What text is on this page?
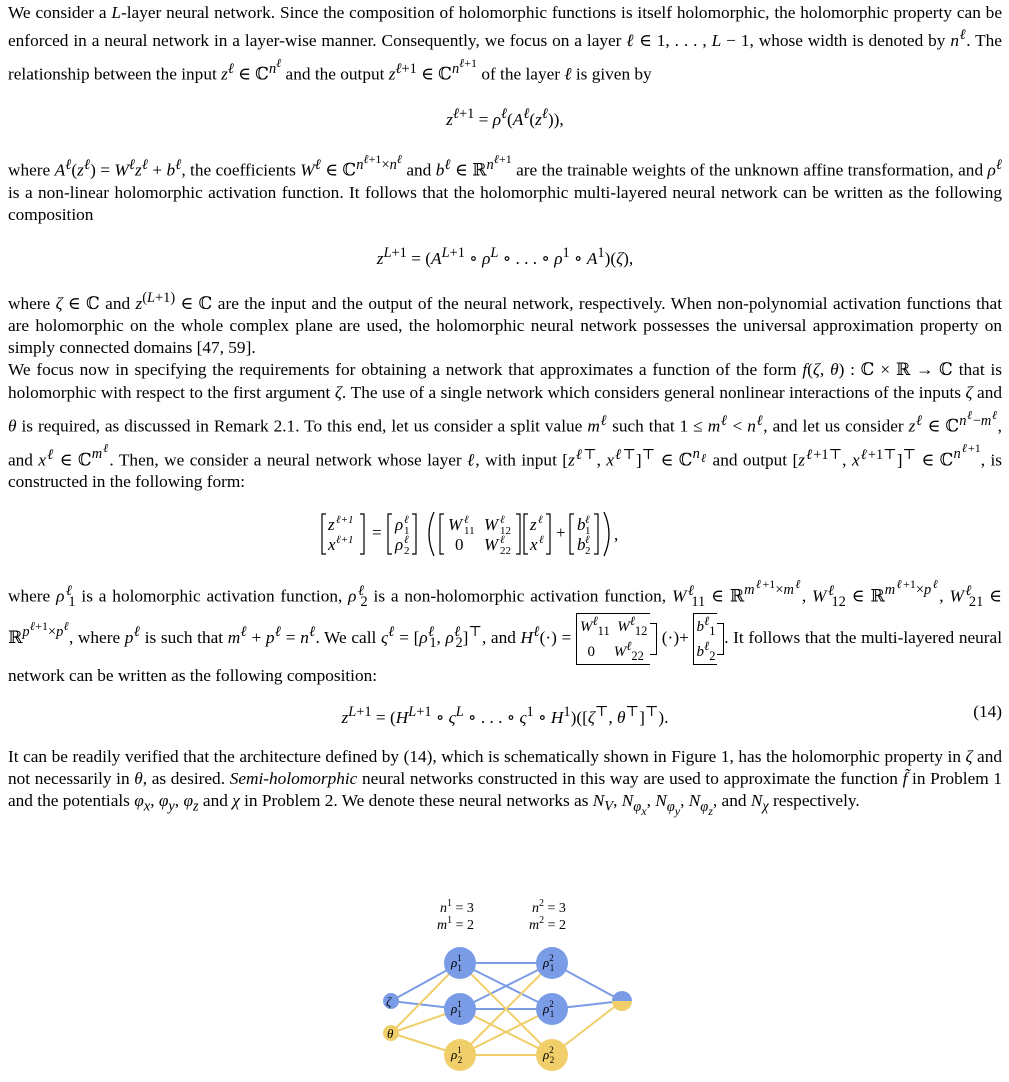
We consider a L-layer neural network. Since the composition of holomorphic functions is itself holomorphic, the holomorphic property can be enforced in a neural network in a layer-wise manner. Consequently, we focus on a layer ℓ ∈ 1, . . . , L − 1, whose width is denoted by $n^\ell$. The relationship between the input $z^\ell$ ∈ ℂ$^{n^\ell}$ and the output $z^{\ell+1}$ ∈ ℂ$^{n^{\ell+1}}$ of the layer ℓ is given by

$z^{\ell+1} = \rho^\ell(A^\ell(z^\ell))$,

where $A^\ell(z^\ell) = W^\ell z^\ell + b^\ell$, the coefficients $W^\ell$ ∈ ℂ$^{n^{\ell+1}\times n^\ell}$ and $b^\ell$ ∈ ℝ$^{n^{\ell+1}}$ are the trainable weights of the unknown affine transformation, and $\rho^\ell$ is a non-linear holomorphic activation function. It follows that the holomorphic multi-layered neural network can be written as the following composition

$z^{L+1} = (A^{L+1}$ ∘ $\rho^L$ ∘ . . . ∘ $\rho^1$ ∘ $A^1)(\zeta)$,

where ζ ∈ ℂ and $z^{(L+1)}$ ∈ ℂ are the input and the output of the neural network, respectively. When non-polynomial activation functions that are holomorphic on the whole complex plane are used, the holomorphic neural network possesses the universal approximation property on simply connected domains [47, 59].

We focus now in specifying the requirements for obtaining a network that approximates a function of the form f(ζ, θ) : ℂ × ℝ → ℂ that is holomorphic with respect to the first argument ζ. The use of a single network which considers general nonlinear interactions of the inputs ζ and θ is required, as discussed in Remark 2.1. To this end, let us consider a split value $m^\ell$ such that $1 \le m^\ell < n^\ell$, and let us consider $z^\ell$ ∈ ℂ$^{n^\ell-m^\ell}$, and $x^\ell$ ∈ ℂ$^{m^\ell}$. Then, we consider a neural network whose layer ℓ, with input [$z^{\ell⊤}$, $x^{\ell⊤}]^⊤$ ∈ ℂ$^{n_\ell}$ and output [$z^{\ell+1⊤}$, $x^{\ell+1⊤}]^⊤$ ∈ ℂ$^{n^{\ell+1}}$, is constructed in the following form:

z ℓ+1
x ℓ+1 = ρ ℓ
1
ρ ℓ
2
W ℓ
11 W ℓ
12
0 W ℓ
22
z ℓ
x ℓ + b ℓ
1
b ℓ
2
,

where $\rho^\ell_1$ is a holomorphic activation function, $\rho^\ell_2$ is a non-holomorphic activation function, $W^\ell_{11}$ ∈ ℝ$^{m^{\ell+1}\times m^\ell}$, $W^\ell_{12}$ ∈ ℝ$^{m^{\ell+1}\times p^\ell}$, $W^\ell_{21}$ ∈ ℝ$^{p^{\ell+1}\times p^\ell}$, where $p^\ell$ is such that $m^\ell + p^\ell = n^\ell$. We call $\varsigma^\ell = [\rho^\ell_1$, $\rho^\ell_2]^⊤$, and $H^\ell(\cdot) = W^\ell_{11}$ $W^\ell_{12}$
0     $W^\ell_{22}$
(·)+ $b^\ell_1$
$b^\ell_2$
. It follows that the multi-layered neural network can be written as the following composition:

$z^{L+1} = (H^{L+1}$ ∘ $\varsigma^L$ ∘ . . . ∘ $\varsigma^1$ ∘ $H^1)([\zeta^⊤$, θ⊤]⊤).	(14)

It can be readily verified that the architecture defined by (14), which is schematically shown in Figure 1, has the holomorphic property in ζ and not necessarily in θ, as desired. Semi-holomorphic neural networks constructed in this way are used to approximate the function f̃ in Problem 1 and the potentials $\varphi_x$, $\varphi_y$, $\varphi_z$ and χ in Problem 2. We denote these neural networks as $N_V$, $N_{\varphi_x}$, $N_{\varphi_y}$, $N_{\varphi_z}$, and $N_\chi$ respectively.

$n^1 = 3$
$m^1 = 2$
$n^2 = 3$
$m^2 = 2$
ζ
θ
$\rho^1$ 1
$\rho^1$ 1
$\rho^1$ 2
$\rho^2$ 1
$\rho^2$ 1
$\rho^2$ 2
